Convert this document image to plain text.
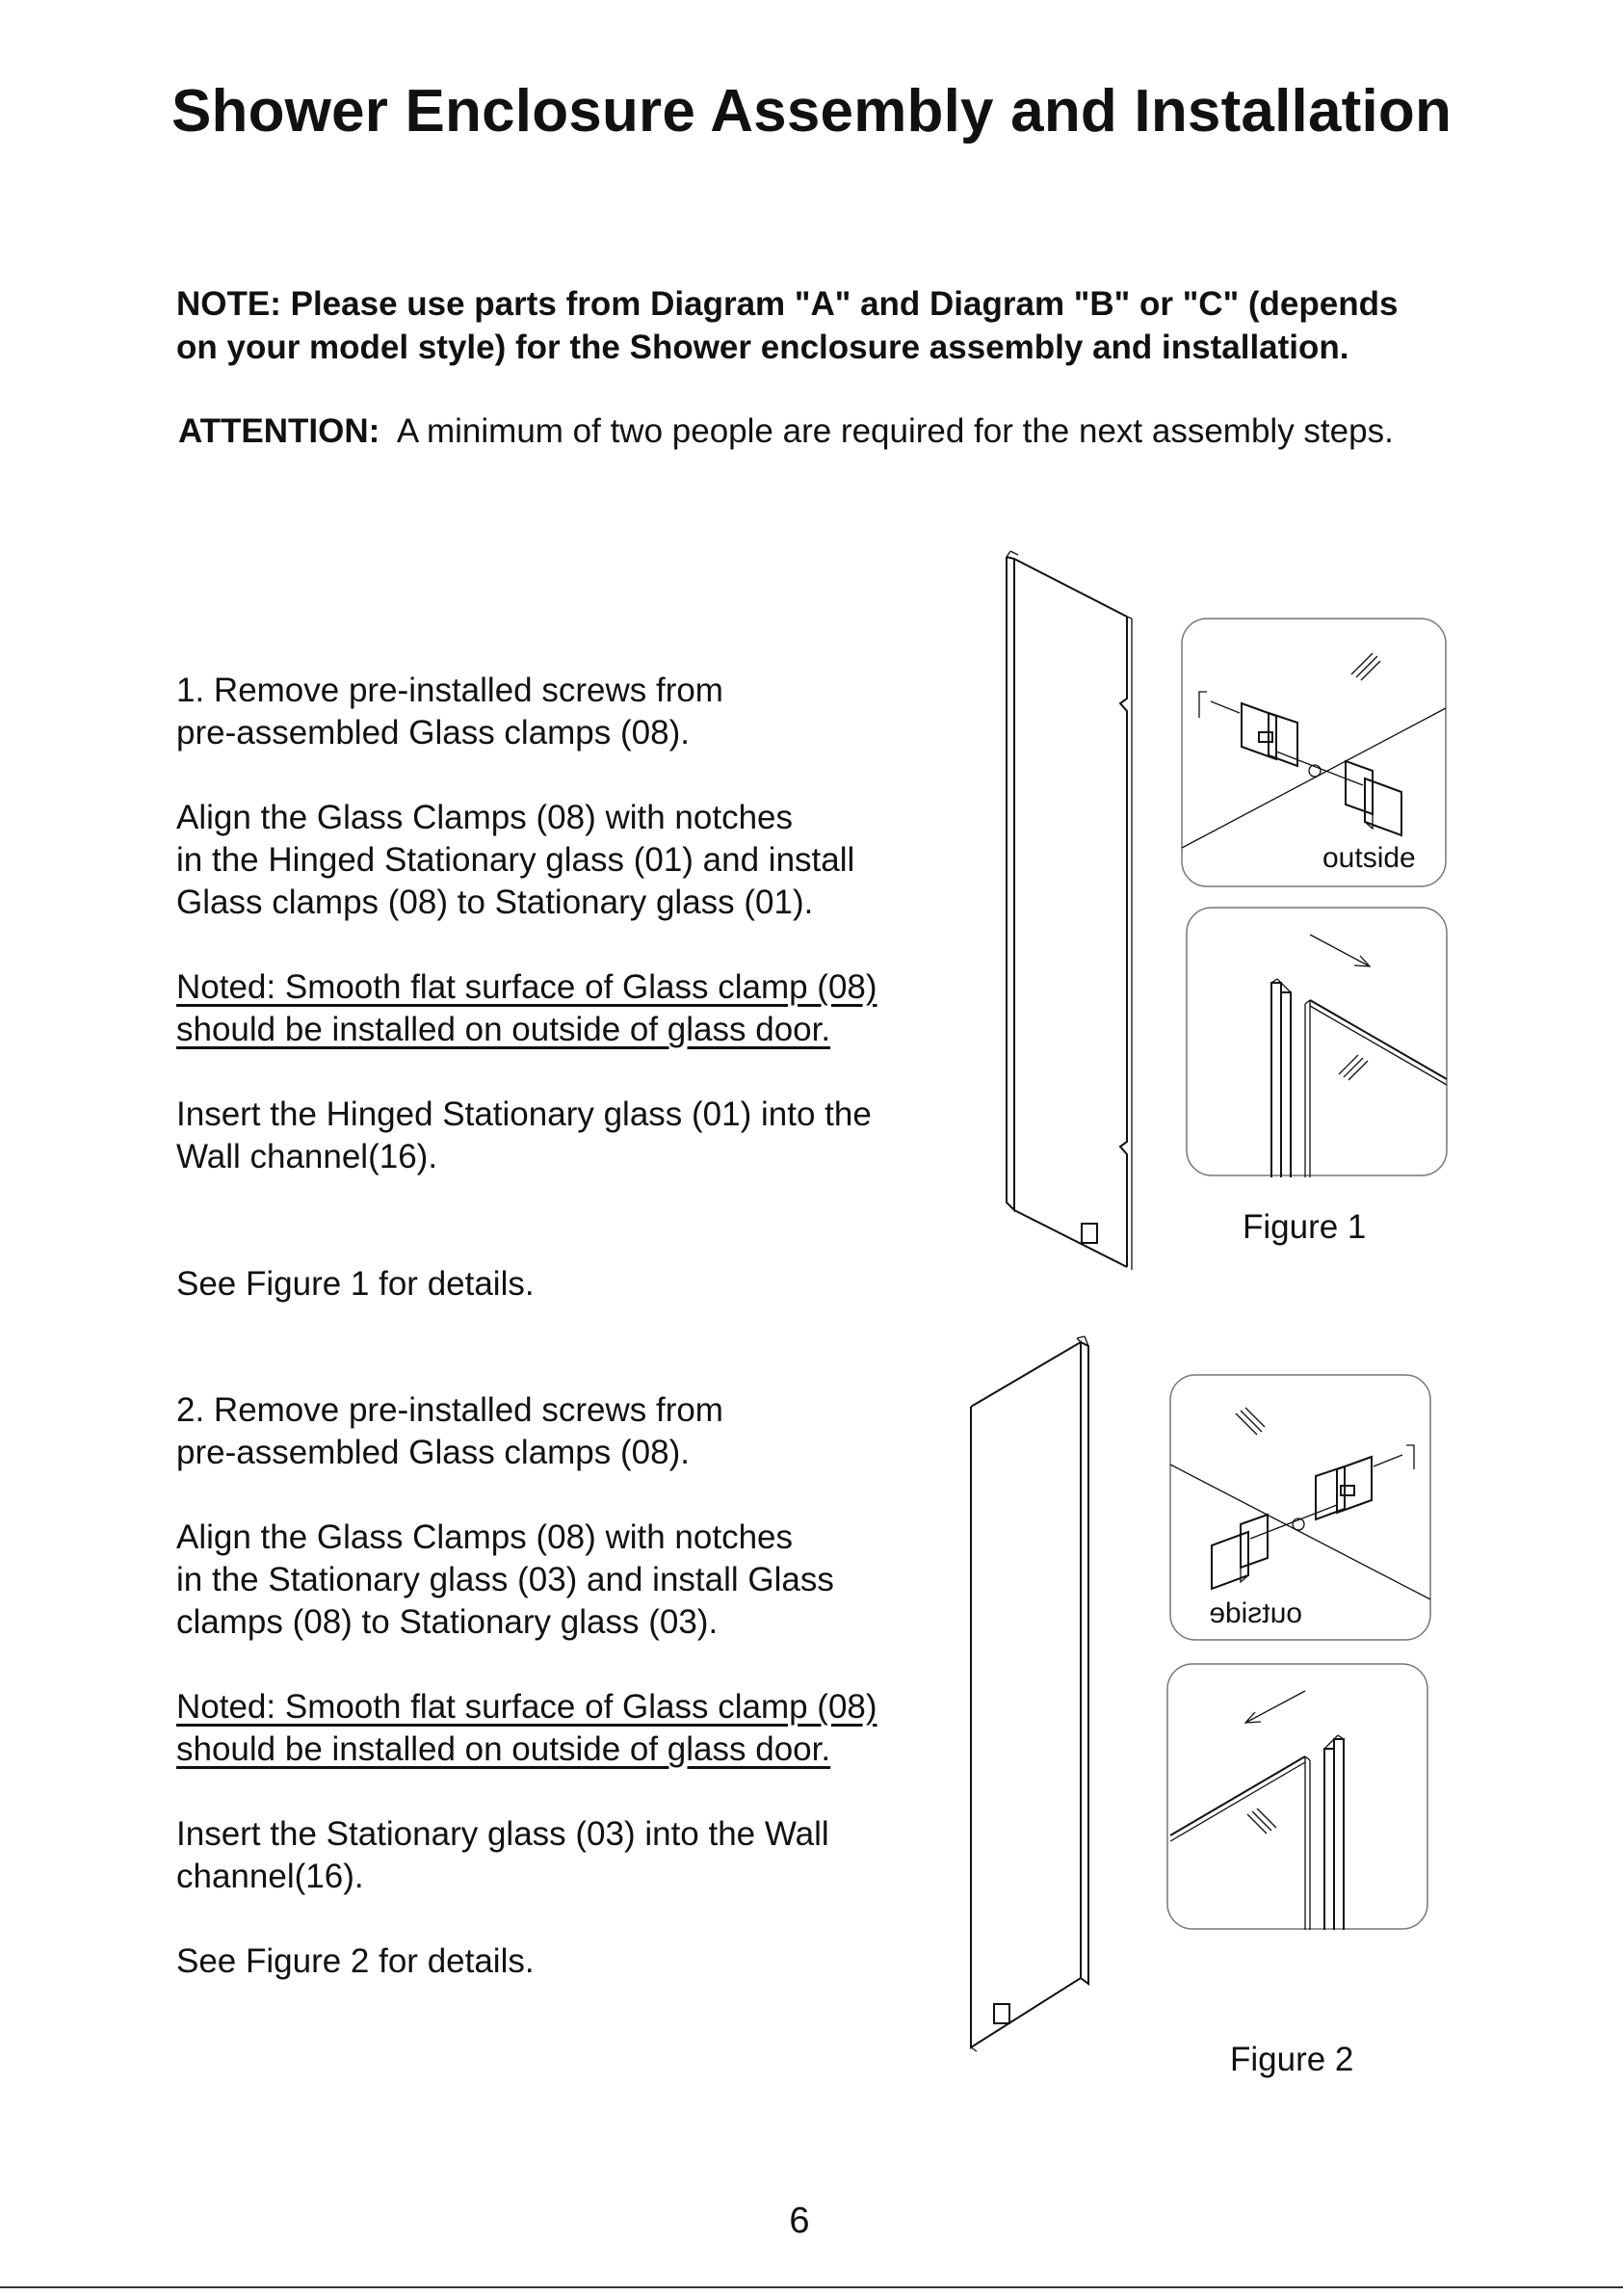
Shower Enclosure Assembly and Installation
NOTE: Please use parts from Diagram "A" and Diagram "B" or "C" (depends
on your model style) for the Shower enclosure assembly and installation.
ATTENTION: A minimum of two people are required for the next assembly steps.
1. Remove pre-installed screws from
pre-assembled Glass clamps (08).
Align the Glass Clamps (08) with notches
in the Hinged Stationary glass (01) and install
Glass clamps (08) to Stationary glass (01).
Noted: Smooth flat surface of Glass clamp (08)
should be installed on outside of glass door.
Insert the Hinged Stationary glass (01) into the
Wall channel(16).
See Figure 1 for details.
2. Remove pre-installed screws from
pre-assembled Glass clamps (08).
Align the Glass Clamps (08) with notches
in the Stationary glass (03) and install Glass
clamps (08) to Stationary glass (03).
Noted: Smooth flat surface of Glass clamp (08)
should be installed on outside of glass door.
Insert the Stationary glass (03) into the Wall
channel(16).
See Figure 2 for details.
outside
Figure 1
outside
Figure 2
6
